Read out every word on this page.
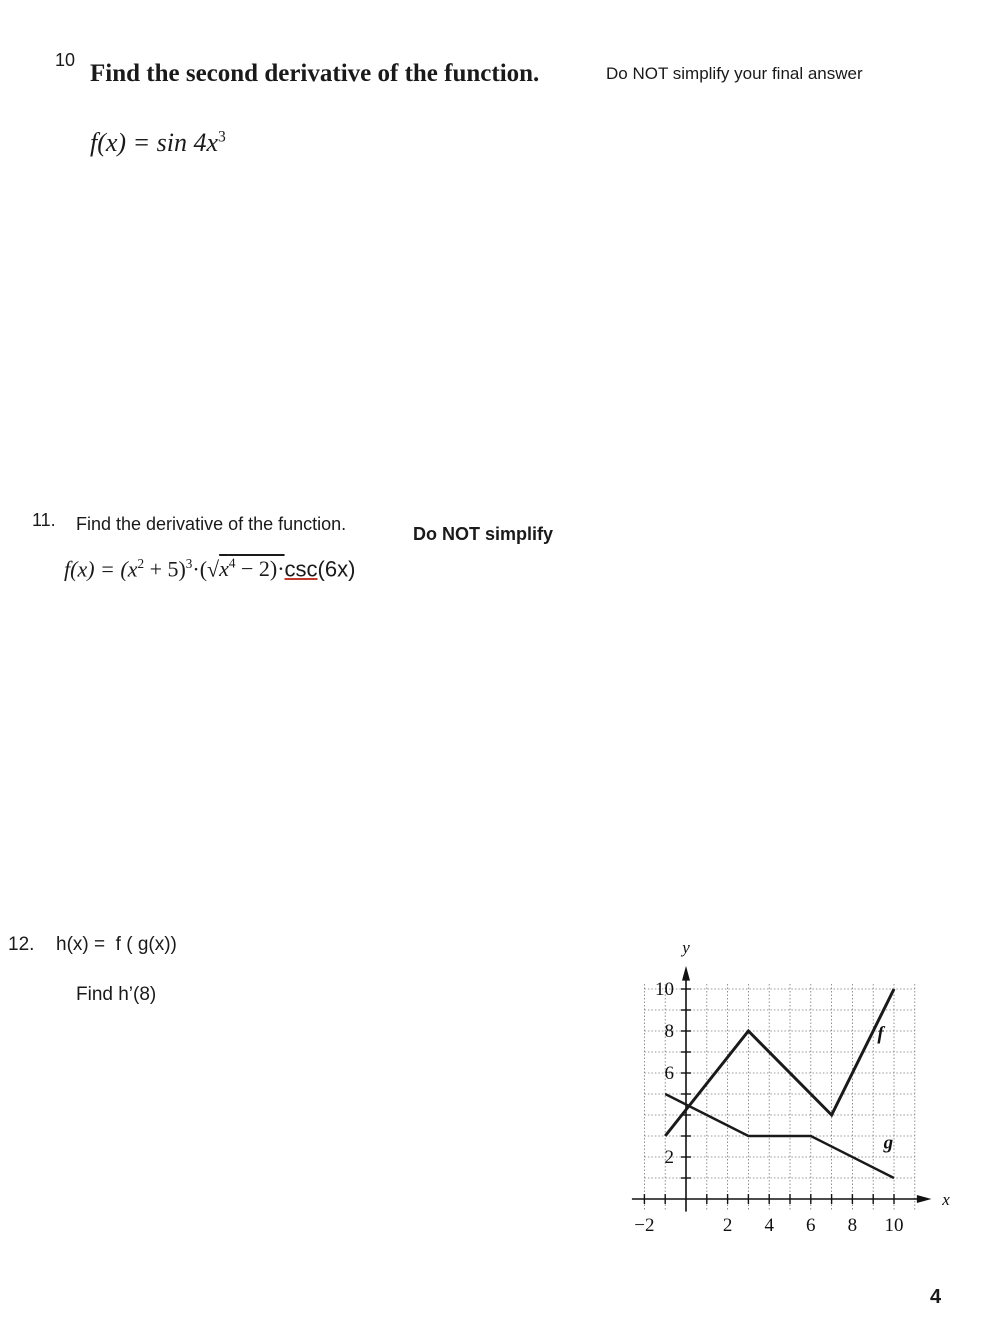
10 Find the second derivative of the function.	Do NOT simplify your final answer
$f(x) = \sin 4x^3$
11. Find the derivative of the function.	Do NOT simplify
$f(x) = (x^2 + 5)^3\cdot(√x^4 - 2)\cdot\csc(6x)$
12. h(x) =  f ( g(x))
Find h’(8)
−2	2 4 6 8 10
2
6
8
10
x
y
f
g
4
